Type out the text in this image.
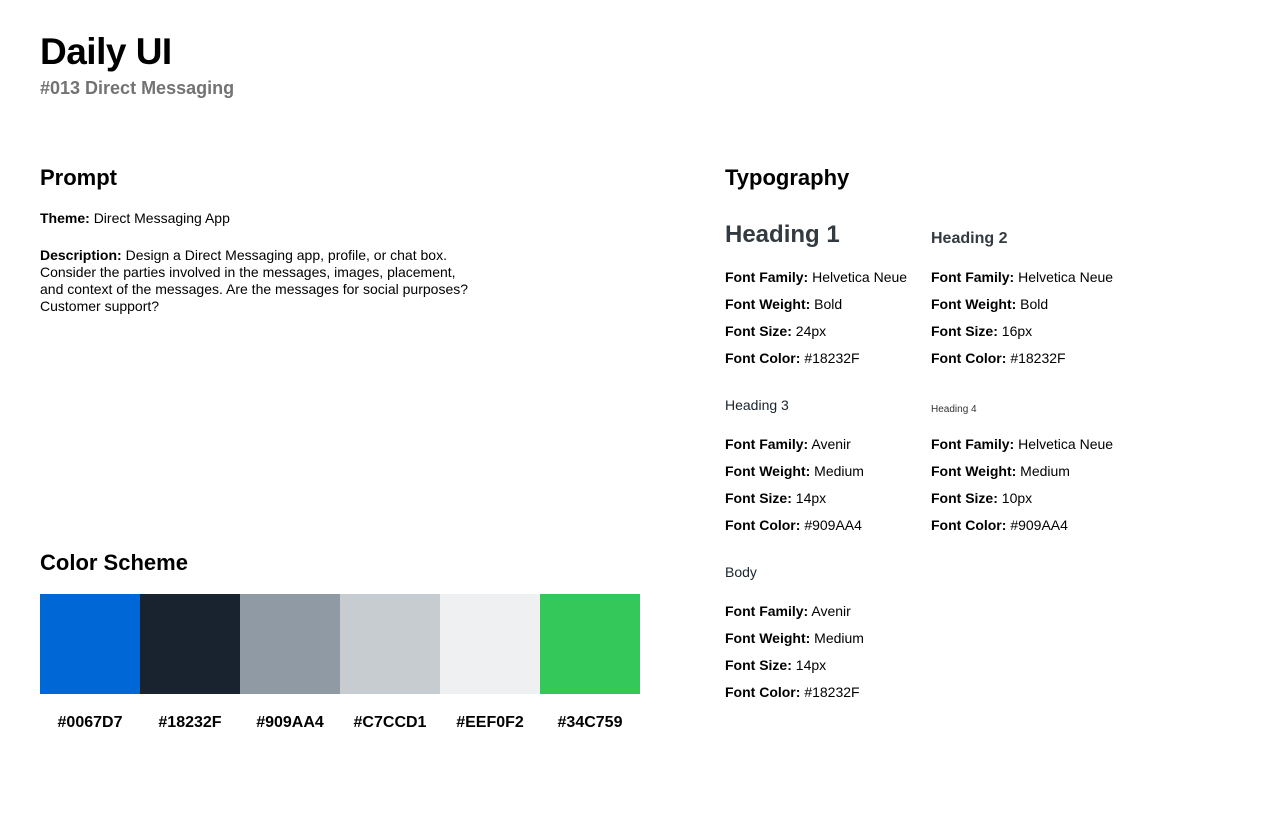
Daily UI

#013 Direct Messaging

Prompt

Theme: Direct Messaging App

Description: Design a Direct Messaging app, profile, or chat box.

Consider the parties involved in the messages, images, placement,

and context of the messages. Are the messages for social purposes?

Customer support?

Color Scheme
#0067D7	#18232F	#909AA4	#C7CCD1	#EEF0F2	#34C759
Typography

Heading 1

Font Family: Helvetica Neue

Font Weight: Bold

Font Size: 24px

Font Color: #18232F

Heading 2

Font Family: Helvetica Neue

Font Weight: Bold

Font Size: 16px

Font Color: #18232F

Heading 3

Font Family: Avenir

Font Weight: Medium

Font Size: 14px

Font Color: #909AA4

Heading 4

Font Family: Helvetica Neue

Font Weight: Medium

Font Size: 10px

Font Color: #909AA4

Body

Font Family: Avenir

Font Weight: Medium

Font Size: 14px

Font Color: #18232F
